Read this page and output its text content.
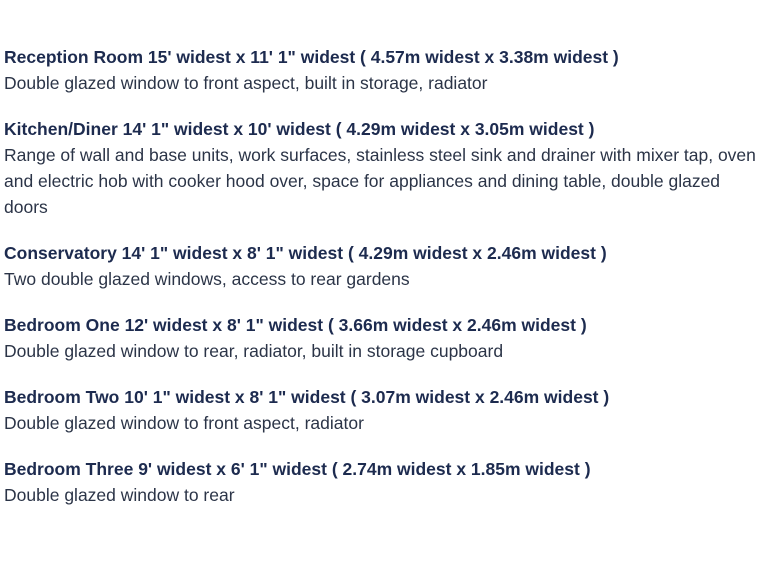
Reception Room 15' widest x 11' 1" widest ( 4.57m widest x 3.38m widest )
Double glazed window to front aspect, built in storage, radiator
Kitchen/Diner 14' 1" widest x 10' widest ( 4.29m widest x 3.05m widest )
Range of wall and base units, work surfaces, stainless steel sink and drainer with mixer tap, oven and electric hob with cooker hood over, space for appliances and dining table, double glazed doors
Conservatory 14' 1" widest x 8' 1" widest ( 4.29m widest x 2.46m widest )
Two double glazed windows, access to rear gardens
Bedroom One 12' widest x 8' 1" widest ( 3.66m widest x 2.46m widest )
Double glazed window to rear, radiator, built in storage cupboard
Bedroom Two 10' 1" widest x 8' 1" widest ( 3.07m widest x 2.46m widest )
Double glazed window to front aspect, radiator
Bedroom Three 9' widest x 6' 1" widest ( 2.74m widest x 1.85m widest )
Double glazed window to rear
